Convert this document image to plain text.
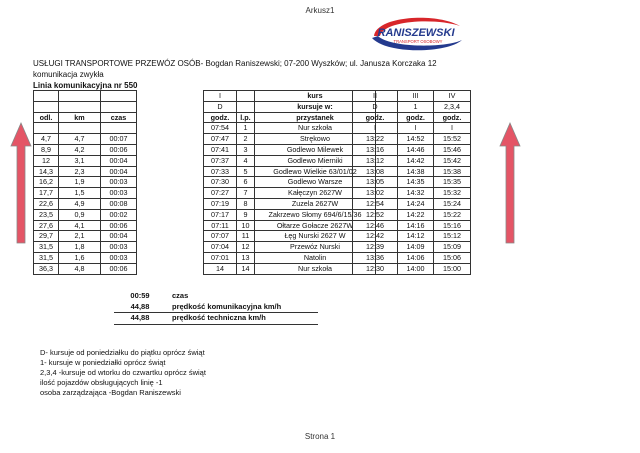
Arkusz1
RANISZEWSKI
TRANSPORT OSOBOWY
USŁUGI TRANSPORTOWE PRZEWÓZ OSÓB- Bogdan Raniszewski; 07-200 Wyszków; ul. Janusza Korczaka 12
komunikacja zwykła
Linia komunikacyjna nr 550

odl.	km	czas

4,7	4,7	00:07
8,9	4,2	00:06
12	3,1	00:04
14,3	2,3	00:04
16,2	1,9	00:03
17,7	1,5	00:03
22,6	4,9	00:08
23,5	0,9	00:02
27,6	4,1	00:06
29,7	2,1	00:04
31,5	1,8	00:03
31,5	1,6	00:03
36,3	4,8	00:06
I		kurs
D		kursuje w:
godz.	l.p.	przystanek
07:54	1	Nur szkoła
07:47	2	Strękowo
07:41	3	Godlewo Milewek
07:37	4	Godlewo Mierniki
07:33	5	Godlewo Wielkie 63/01/02
07:30	6	Godlewo Warsze
07:27	7	Kałęczyn 2627W
07:19	8	Zuzela 2627W
07:17	9	Zakrzewo Słomy 694/6/15/36
07:11	10	Ołtarze Gołacze 2627W
07:07	11	Łęg Nurski 2627 W
07:04	12	Przewóz Nurski
07:01	13	Natolin
14	14	Nur szkoła
II	III	IV
D	1	2,3,4
godz.	godz.	godz.
I	I	I
13:22	14:52	15:52
13:16	14:46	15:46
13:12	14:42	15:42
13:08	14:38	15:38
13:05	14:35	15:35
13:02	14:32	15:32
12:54	14:24	15:24
12:52	14:22	15:22
12:46	14:16	15:16
12:42	14:12	15:12
12:39	14:09	15:09
13:36	14:06	15:06
12:30	14:00	15:00
00:59	czas
44,88	prędkość komunikacyjna km/h
44,88	prędkość techniczna km/h
D- kursuje od poniedziałku do piątku oprócz świąt
1- kursuje w poniedziałki oprócz świąt
2,3,4 -kursuje od wtorku do czwartku oprócz świąt
ilość pojazdów obsługujących linię -1
osoba zarządzająca -Bogdan Raniszewski
Strona 1
